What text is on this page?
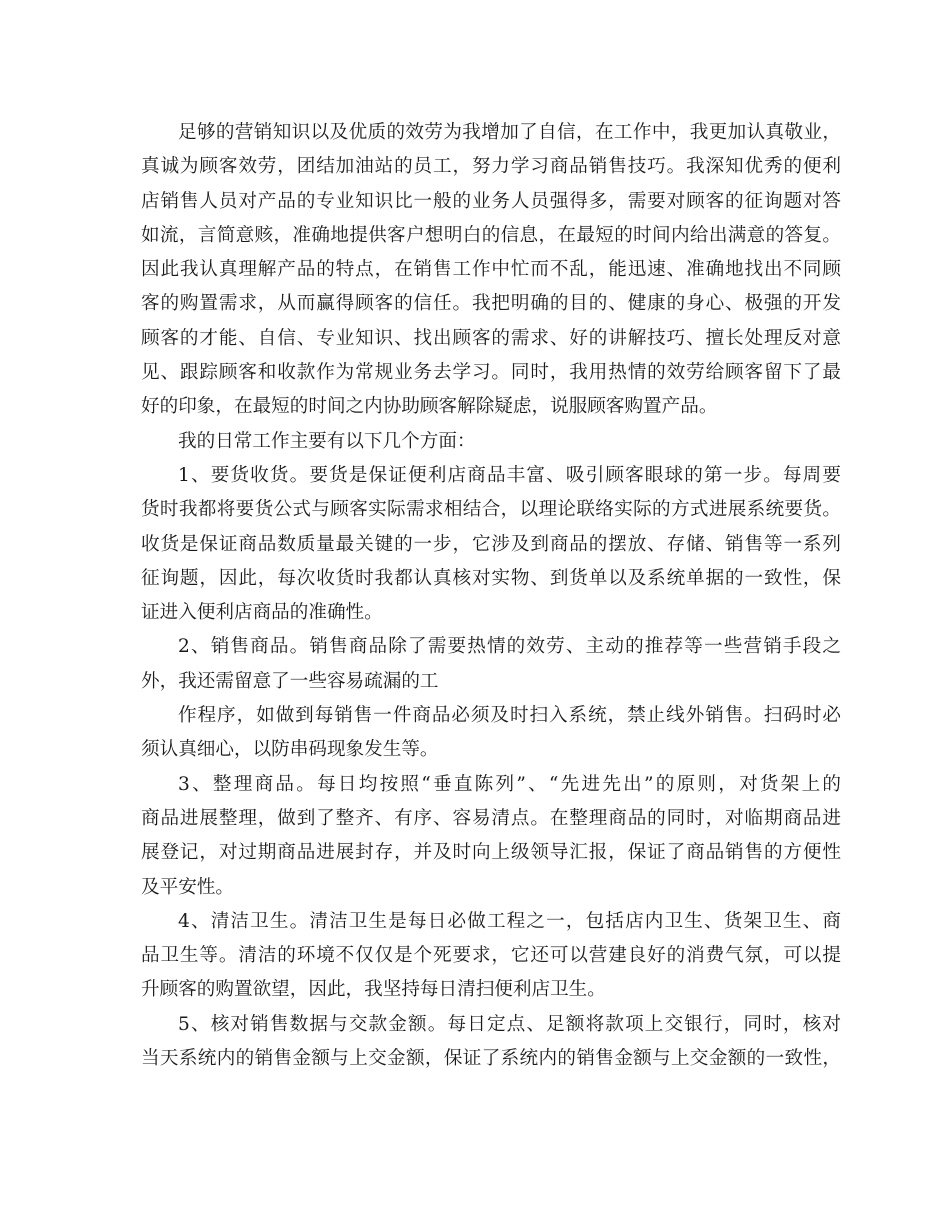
足够的营销知识以及优质的效劳为我增加了自信，在工作中，我更加认真敬业，
真诚为顾客效劳，团结加油站的员工，努力学习商品销售技巧。我深知优秀的便利
店销售人员对产品的专业知识比一般的业务人员强得多，需要对顾客的征询题对答
如流，言简意赅，准确地提供客户想明白的信息，在最短的时间内给出满意的答复。
因此我认真理解产品的特点，在销售工作中忙而不乱，能迅速、准确地找出不同顾
客的购置需求，从而赢得顾客的信任。我把明确的目的、健康的身心、极强的开发
顾客的才能、自信、专业知识、找出顾客的需求、好的讲解技巧、擅长处理反对意
见、跟踪顾客和收款作为常规业务去学习。同时，我用热情的效劳给顾客留下了最
好的印象，在最短的时间之内协助顾客解除疑虑，说服顾客购置产品。
我的日常工作主要有以下几个方面：
1、要货收货。要货是保证便利店商品丰富、吸引顾客眼球的第一步。每周要
货时我都将要货公式与顾客实际需求相结合，以理论联络实际的方式进展系统要货。
收货是保证商品数质量最关键的一步，它涉及到商品的摆放、存储、销售等一系列
征询题，因此，每次收货时我都认真核对实物、到货单以及系统单据的一致性，保
证进入便利店商品的准确性。
2、销售商品。销售商品除了需要热情的效劳、主动的推荐等一些营销手段之
外，我还需留意了一些容易疏漏的工
作程序，如做到每销售一件商品必须及时扫入系统，禁止线外销售。扫码时必
须认真细心，以防串码现象发生等。
3、整理商品。每日均按照“垂直陈列”、“先进先出”的原则，对货架上的
商品进展整理，做到了整齐、有序、容易清点。在整理商品的同时，对临期商品进
展登记，对过期商品进展封存，并及时向上级领导汇报，保证了商品销售的方便性
及平安性。
4、清洁卫生。清洁卫生是每日必做工程之一，包括店内卫生、货架卫生、商
品卫生等。清洁的环境不仅仅是个死要求，它还可以营建良好的消费气氛，可以提
升顾客的购置欲望，因此，我坚持每日清扫便利店卫生。
5、核对销售数据与交款金额。每日定点、足额将款项上交银行，同时，核对
当天系统内的销售金额与上交金额，保证了系统内的销售金额与上交金额的一致性，
